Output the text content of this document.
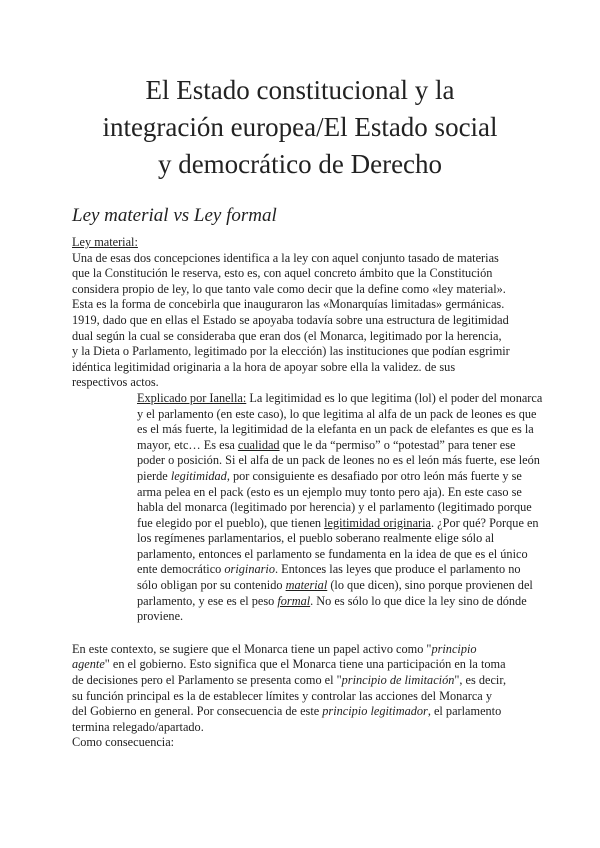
El Estado constitucional y la
integración europea/El Estado social
y democrático de Derecho
Ley material vs Ley formal
Ley material:
Una de esas dos concepciones identifica a la ley con aquel conjunto tasado de materias
que la Constitución le reserva, esto es, con aquel concreto ámbito que la Constitución
considera propio de ley, lo que tanto vale como decir que la define como «ley material».
Esta es la forma de concebirla que inauguraron las «Monarquías limitadas» germánicas.
1919, dado que en ellas el Estado se apoyaba todavía sobre una estructura de legitimidad
dual según la cual se consideraba que eran dos (el Monarca, legitimado por la herencia,
y la Dieta o Parlamento, legitimado por la elección) las instituciones que podían esgrimir
idéntica legitimidad originaria a la hora de apoyar sobre ella la validez. de sus
respectivos actos.
Explicado por Ianella: La legitimidad es lo que legitima (lol) el poder del monarca
y el parlamento (en este caso), lo que legitima al alfa de un pack de leones es que
es el más fuerte, la legitimidad de la elefanta en un pack de elefantes es que es la
mayor, etc… Es esa cualidad que le da “permiso” o “potestad” para tener ese
poder o posición. Si el alfa de un pack de leones no es el león más fuerte, ese león
pierde legitimidad, por consiguiente es desafiado por otro león más fuerte y se
arma pelea en el pack (esto es un ejemplo muy tonto pero aja). En este caso se
habla del monarca (legitimado por herencia) y el parlamento (legitimado porque
fue elegido por el pueblo), que tienen legitimidad originaria. ¿Por qué? Porque en
los regímenes parlamentarios, el pueblo soberano realmente elige sólo al
parlamento, entonces el parlamento se fundamenta en la idea de que es el único
ente democrático originario. Entonces las leyes que produce el parlamento no
sólo obligan por su contenido material (lo que dicen), sino porque provienen del
parlamento, y ese es el peso formal. No es sólo lo que dice la ley sino de dónde
proviene.
En este contexto, se sugiere que el Monarca tiene un papel activo como "principio
agente" en el gobierno. Esto significa que el Monarca tiene una participación en la toma
de decisiones pero el Parlamento se presenta como el "principio de limitación", es decir,
su función principal es la de establecer límites y controlar las acciones del Monarca y
del Gobierno en general. Por consecuencia de este principio legitimador, el parlamento
termina relegado/apartado.
Como consecuencia:
